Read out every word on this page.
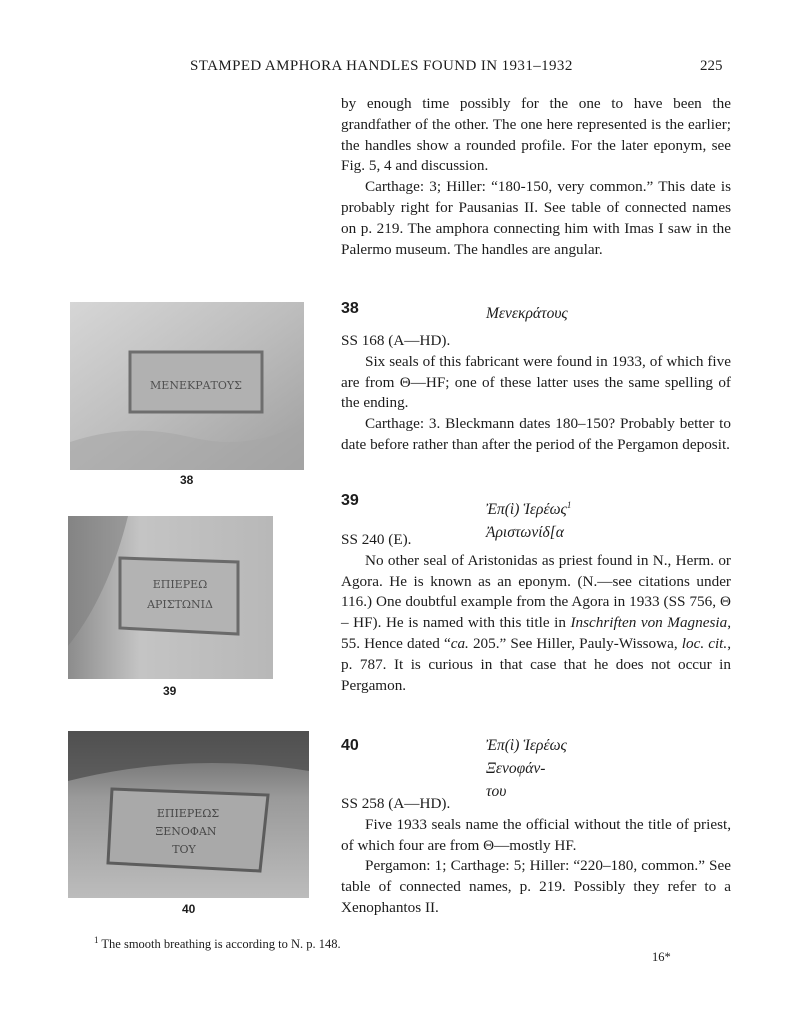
STAMPED AMPHORA HANDLES FOUND IN 1931–1932	225

by enough time possibly for the one to have been the grandfather of the other. The one here represented is the earlier; the handles show a rounded profile. For the later eponym, see Fig. 5, 4 and discussion.

Carthage: 3; Hiller: “180-150, very common.” This date is probably right for Pausanias II. See table of connected names on p. 219. The amphora connecting him with Imas I saw in the Palermo museum. The handles are angular.

38	Μενεκράτους

SS 168 (A—HD).

Six seals of this fabricant were found in 1933, of which five are from Θ—HF; one of these latter uses the same spelling of the ending.

Carthage: 3. Bleckmann dates 180–150? Probably better to date before rather than after the period of the Pergamon deposit.

39
Ἐπ(ὶ) Ἱερέως$^1$
Ἀριστωνίδ[α

SS 240 (E).

No other seal of Aristonidas as priest found in N., Herm. or Agora. He is known as an eponym. (N.—see citations under 116.) One doubtful example from the Agora in 1933 (SS 756, Θ – HF). He is named with this title in Inschriften von Magnesia, 55. Hence dated “ca. 205.” See Hiller, Pauly-Wissowa, loc. cit., p. 787. It is curious in that case that he does not occur in Pergamon.

40	Ἐπ(ὶ) Ἱερέως
Ξενοφάν-
του

SS 258 (A—HD).

Five 1933 seals name the official without the title of priest, of which four are from Θ—mostly HF.

Pergamon: 1; Carthage: 5; Hiller: “220–180, common.” See table of connected names, p. 219. Possibly they refer to a Xenophantos II.

ΜΕΝΕΚΡΑΤΟΥΣ
38
ΕΠΙΕΡΕΩ
ΑΡΙΣΤΩΝΙΔ
39
ΕΠΙΕΡΕΩΣ
ΞΕΝΟΦΑΝ
ΤΟΥ
40
$^1$ The smooth breathing is according to N. p. 148.
16*
